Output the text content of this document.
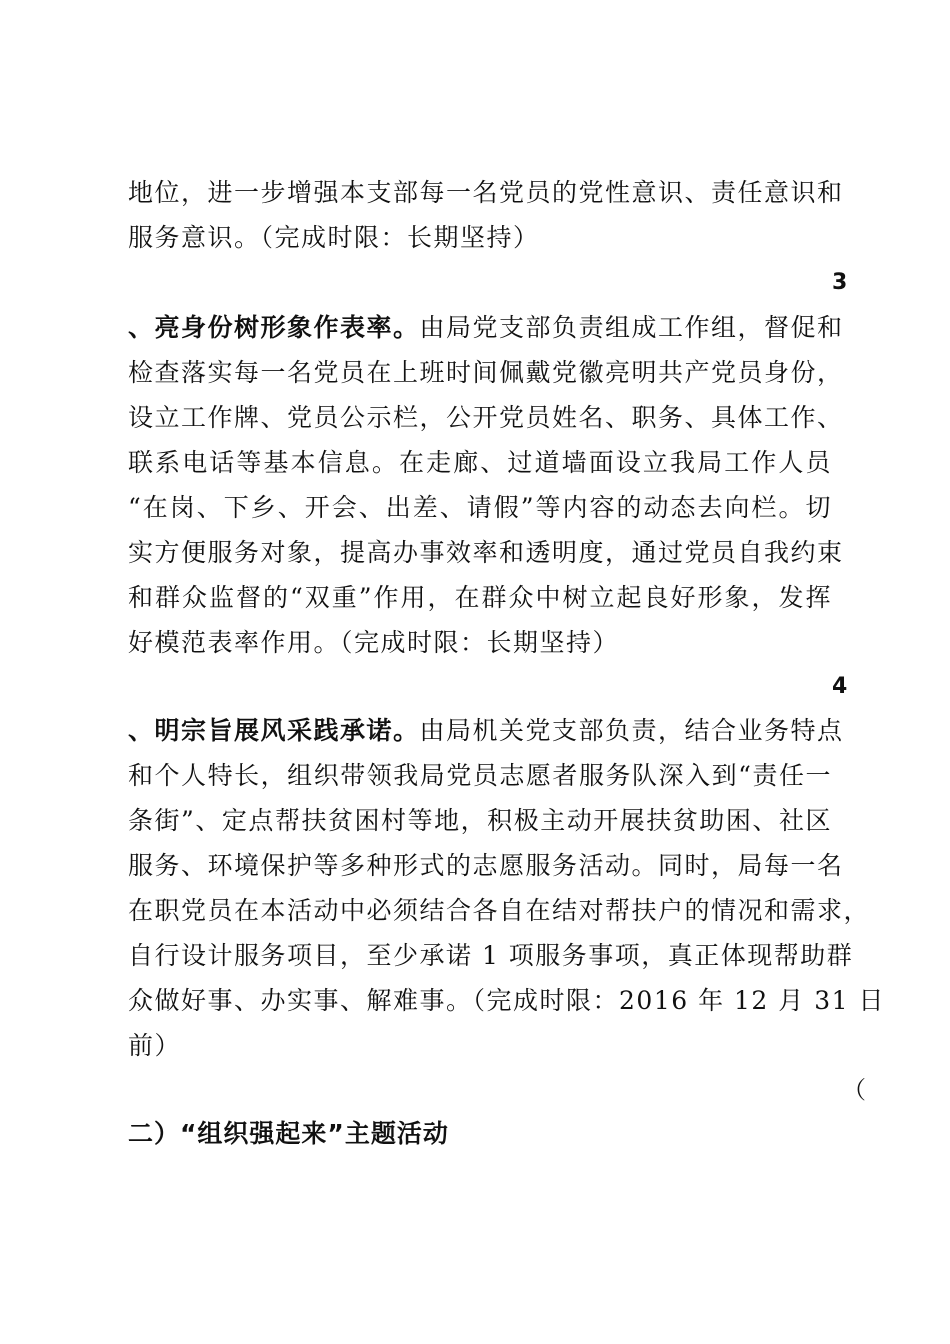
地位，进一步增强本支部每一名党员的党性意识、责任意识和
服务意识。（完成时限：长期坚持）
3
、亮身份树形象作表率。由局党支部负责组成工作组，督促和
检查落实每一名党员在上班时间佩戴党徽亮明共产党员身份，
设立工作牌、党员公示栏，公开党员姓名、职务、具体工作、
联系电话等基本信息。在走廊、过道墙面设立我局工作人员
“在岗、下乡、开会、出差、请假”等内容的动态去向栏。切
实方便服务对象，提高办事效率和透明度，通过党员自我约束
和群众监督的“双重”作用，在群众中树立起良好形象，发挥
好模范表率作用。（完成时限：长期坚持）
4
、明宗旨展风采践承诺。由局机关党支部负责，结合业务特点
和个人特长，组织带领我局党员志愿者服务队深入到“责任一
条街”、定点帮扶贫困村等地，积极主动开展扶贫助困、社区
服务、环境保护等多种形式的志愿服务活动。同时，局每一名
在职党员在本活动中必须结合各自在结对帮扶户的情况和需求，
自行设计服务项目，至少承诺 1 项服务事项，真正体现帮助群
众做好事、办实事、解难事。（完成时限：2016 年 12 月 31 日
前）
（
二）“组织强起来”主题活动
